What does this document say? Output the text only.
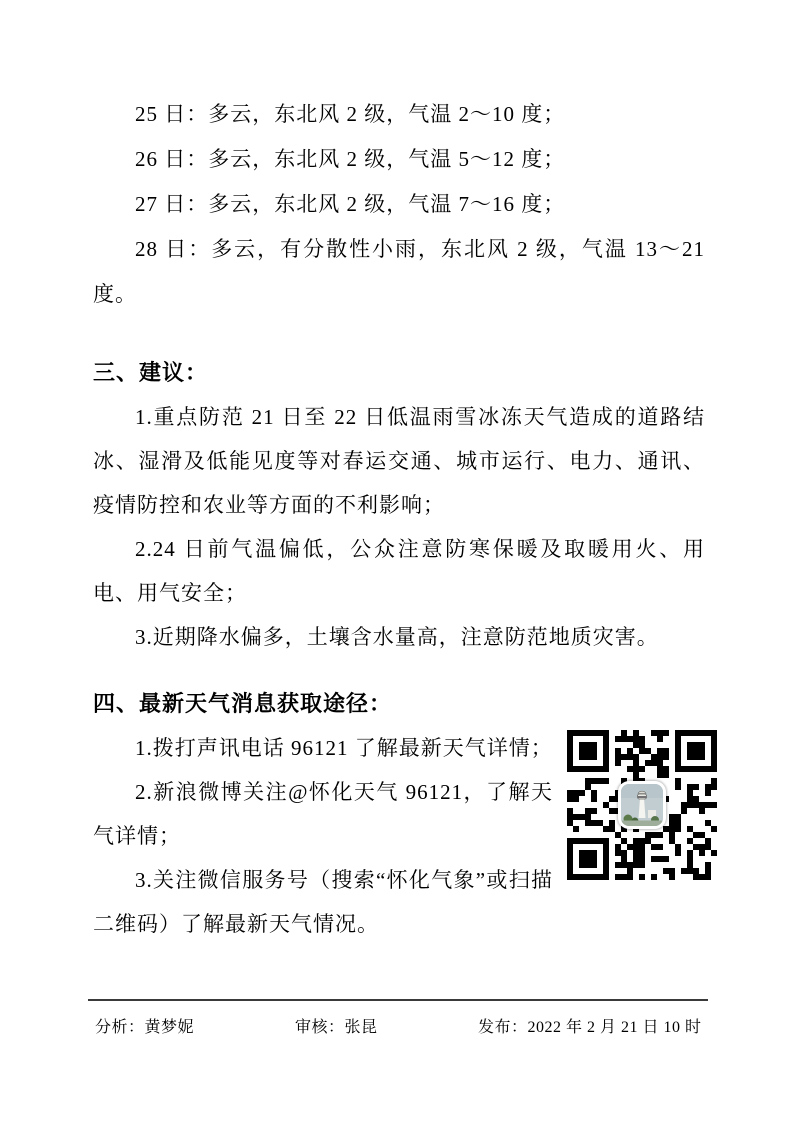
25 日：多云，东北风 2 级，气温 2～10 度；

26 日：多云，东北风 2 级，气温 5～12 度；

27 日：多云，东北风 2 级，气温 7～16 度；

28 日：多云，有分散性小雨，东北风 2 级，气温 13～21 度。

三、建议：

1.重点防范 21 日至 22 日低温雨雪冰冻天气造成的道路结冰、湿滑及低能见度等对春运交通、城市运行、电力、通讯、疫情防控和农业等方面的不利影响；

2.24 日前气温偏低，公众注意防寒保暖及取暖用火、用电、用气安全；

3.近期降水偏多，土壤含水量高，注意防范地质灾害。

四、最新天气消息获取途径：

1.拨打声讯电话 96121 了解最新天气详情；

2.新浪微博关注@怀化天气 96121，了解天气详情；

3.关注微信服务号（搜索“怀化气象”或扫描二维码）了解最新天气情况。

分析：黄梦妮	审核：张昆	发布：2022 年 2 月 21 日 10 时
